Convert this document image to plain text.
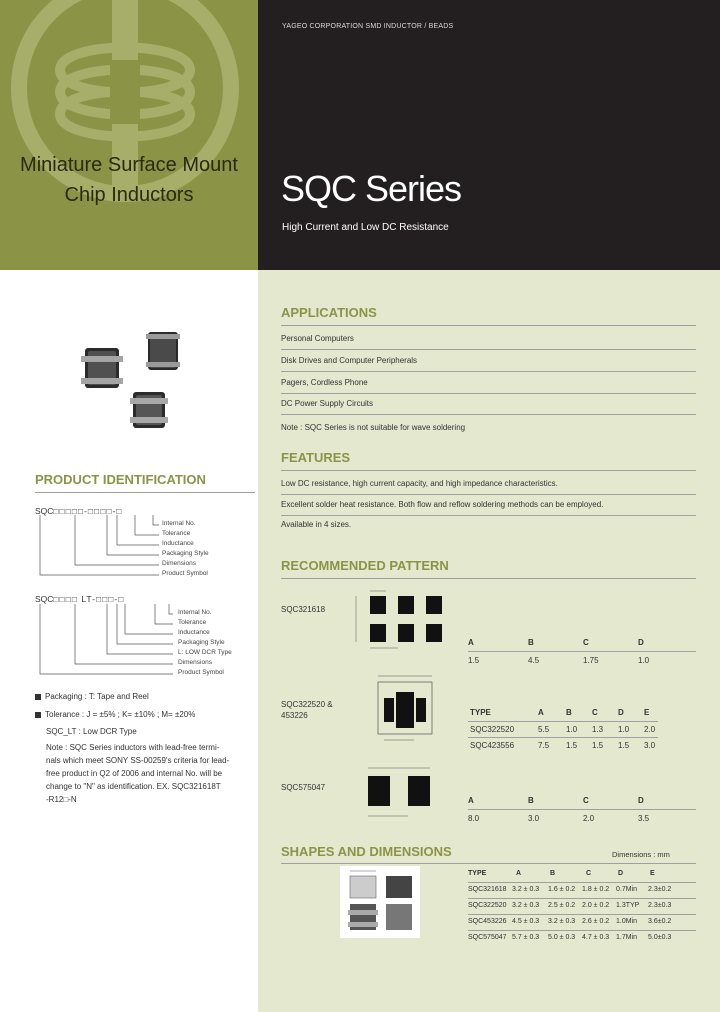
Miniature Surface Mount
Chip Inductors
YAGEO CORPORATION SMD INDUCTOR / BEADS
SQC Series
High Current and Low DC Resistance
PRODUCT IDENTIFICATION
SQC□□□□□-□□□□-□
Internal No.
Tolerance
Inductance
Packaging Style
Dimensions
Product Symbol
SQC□□□□ LT-□□□-□
Internal No.
Tolerance
Inductance
Packaging Style
L: LOW DCR Type
Dimensions
Product Symbol
Packaging : T: Tape and Reel
Tolerance : J = ±5% ; K= ±10% ; M= ±20%
SQC_LT : Low DCR Type
Note : SQC Series inductors with lead-free termi-
nals which meet SONY SS-00259's criteria for lead-
free product in Q2 of 2006 and internal No. will be
change to "N" as identification. EX. SQC321618T
-R12□-N
APPLICATIONS
Personal Computers
Disk Drives and Computer Peripherals
Pagers, Cordless Phone
DC Power Supply Circuits
Note : SQC Series is not suitable for wave soldering
FEATURES
Low DC resistance, high current capacity, and high impedance characteristics.
Excellent solder heat resistance. Both flow and reflow soldering methods can be employed.
Available in 4 sizes.
RECOMMENDED PATTERN
SQC321618
A	B	C	D
1.5	4.5	1.75	1.0
SQC322520 &
453226	TYPE	A	B	C	D	E
SQC322520	5.5 1.0 1.3 1.0 2.0
SQC423556	7.5 1.5 1.5 1.5 3.0
SQC575047
A	B	C	D
8.0	3.0	2.0	3.5
SHAPES AND DIMENSIONS	Dimensions : mm
TYPE	A	B	C	D	E
SQC321618 3.2 ± 0.3 1.6 ± 0.2 1.8 ± 0.2 0.7Min 2.3±0.2
SQC322520 3.2 ± 0.3 2.5 ± 0.2 2.0 ± 0.2 1.3TYP 2.3±0.3
SQC453226 4.5 ± 0.3 3.2 ± 0.3 2.6 ± 0.2 1.0Min 3.6±0.2
SQC575047 5.7 ± 0.3 5.0 ± 0.3 4.7 ± 0.3 1.7Min 5.0±0.3
